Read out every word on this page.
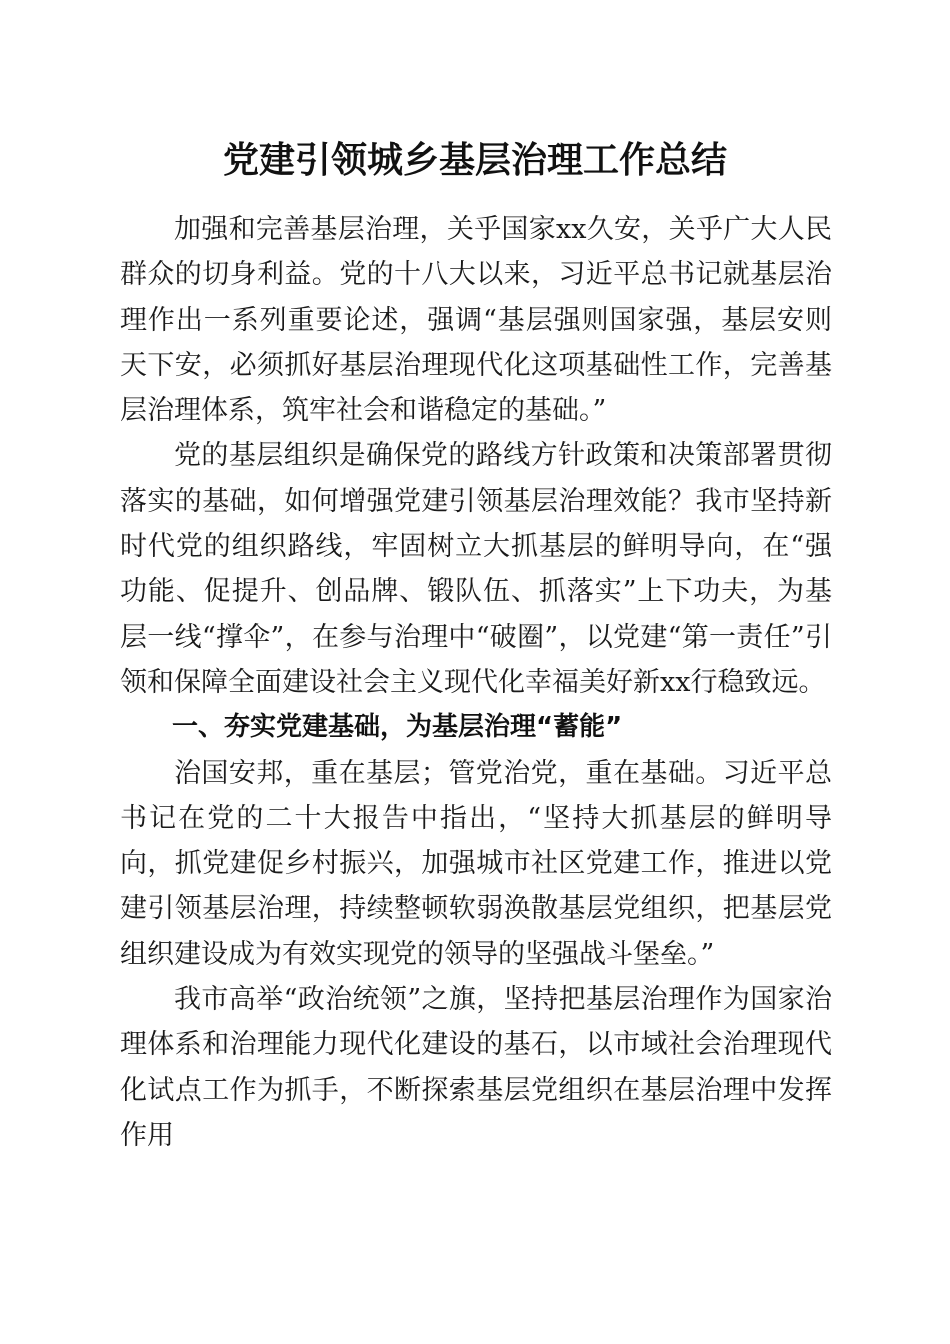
党建引领城乡基层治理工作总结

加强和完善基层治理，关乎国家xx久安，关乎广大人民群众的切身利益。党的十八大以来，习近平总书记就基层治理作出一系列重要论述，强调“基层强则国家强，基层安则天下安，必须抓好基层治理现代化这项基础性工作，完善基层治理体系，筑牢社会和谐稳定的基础。”

党的基层组织是确保党的路线方针政策和决策部署贯彻落实的基础，如何增强党建引领基层治理效能？我市坚持新时代党的组织路线，牢固树立大抓基层的鲜明导向，在“强功能、促提升、创品牌、锻队伍、抓落实”上下功夫，为基层一线“撑伞”，在参与治理中“破圈”，以党建“第一责任”引领和保障全面建设社会主义现代化幸福美好新xx行稳致远。

一、夯实党建基础，为基层治理“蓄能”

治国安邦，重在基层；管党治党，重在基础。习近平总书记在党的二十大报告中指出，“坚持大抓基层的鲜明导向，抓党建促乡村振兴，加强城市社区党建工作，推进以党建引领基层治理，持续整顿软弱涣散基层党组织，把基层党组织建设成为有效实现党的领导的坚强战斗堡垒。”

我市高举“政治统领”之旗，坚持把基层治理作为国家治理体系和治理能力现代化建设的基石，以市域社会治理现代化试点工作为抓手，不断探索基层党组织在基层治理中发挥作用
